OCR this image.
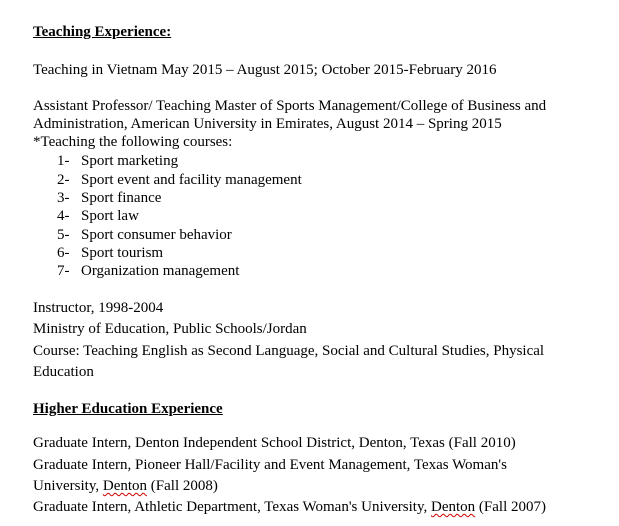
Teaching Experience:
Teaching in Vietnam May 2015 – August 2015; October 2015-February 2016
Assistant Professor/ Teaching Master of Sports Management/College of Business and
Administration, American University in Emirates, August 2014 – Spring 2015
*Teaching the following courses:
1- Sport marketing
2- Sport event and facility management
3- Sport finance
4- Sport law
5- Sport consumer behavior
6- Sport tourism
7- Organization management
Instructor, 1998-2004
Ministry of Education, Public Schools/Jordan
Course: Teaching English as Second Language, Social and Cultural Studies, Physical
Education
Higher Education Experience
Graduate Intern, Denton Independent School District, Denton, Texas (Fall 2010)
Graduate Intern, Pioneer Hall/Facility and Event Management, Texas Woman's
University, Denton (Fall 2008)
Graduate Intern, Athletic Department, Texas Woman's University, Denton (Fall 2007)
